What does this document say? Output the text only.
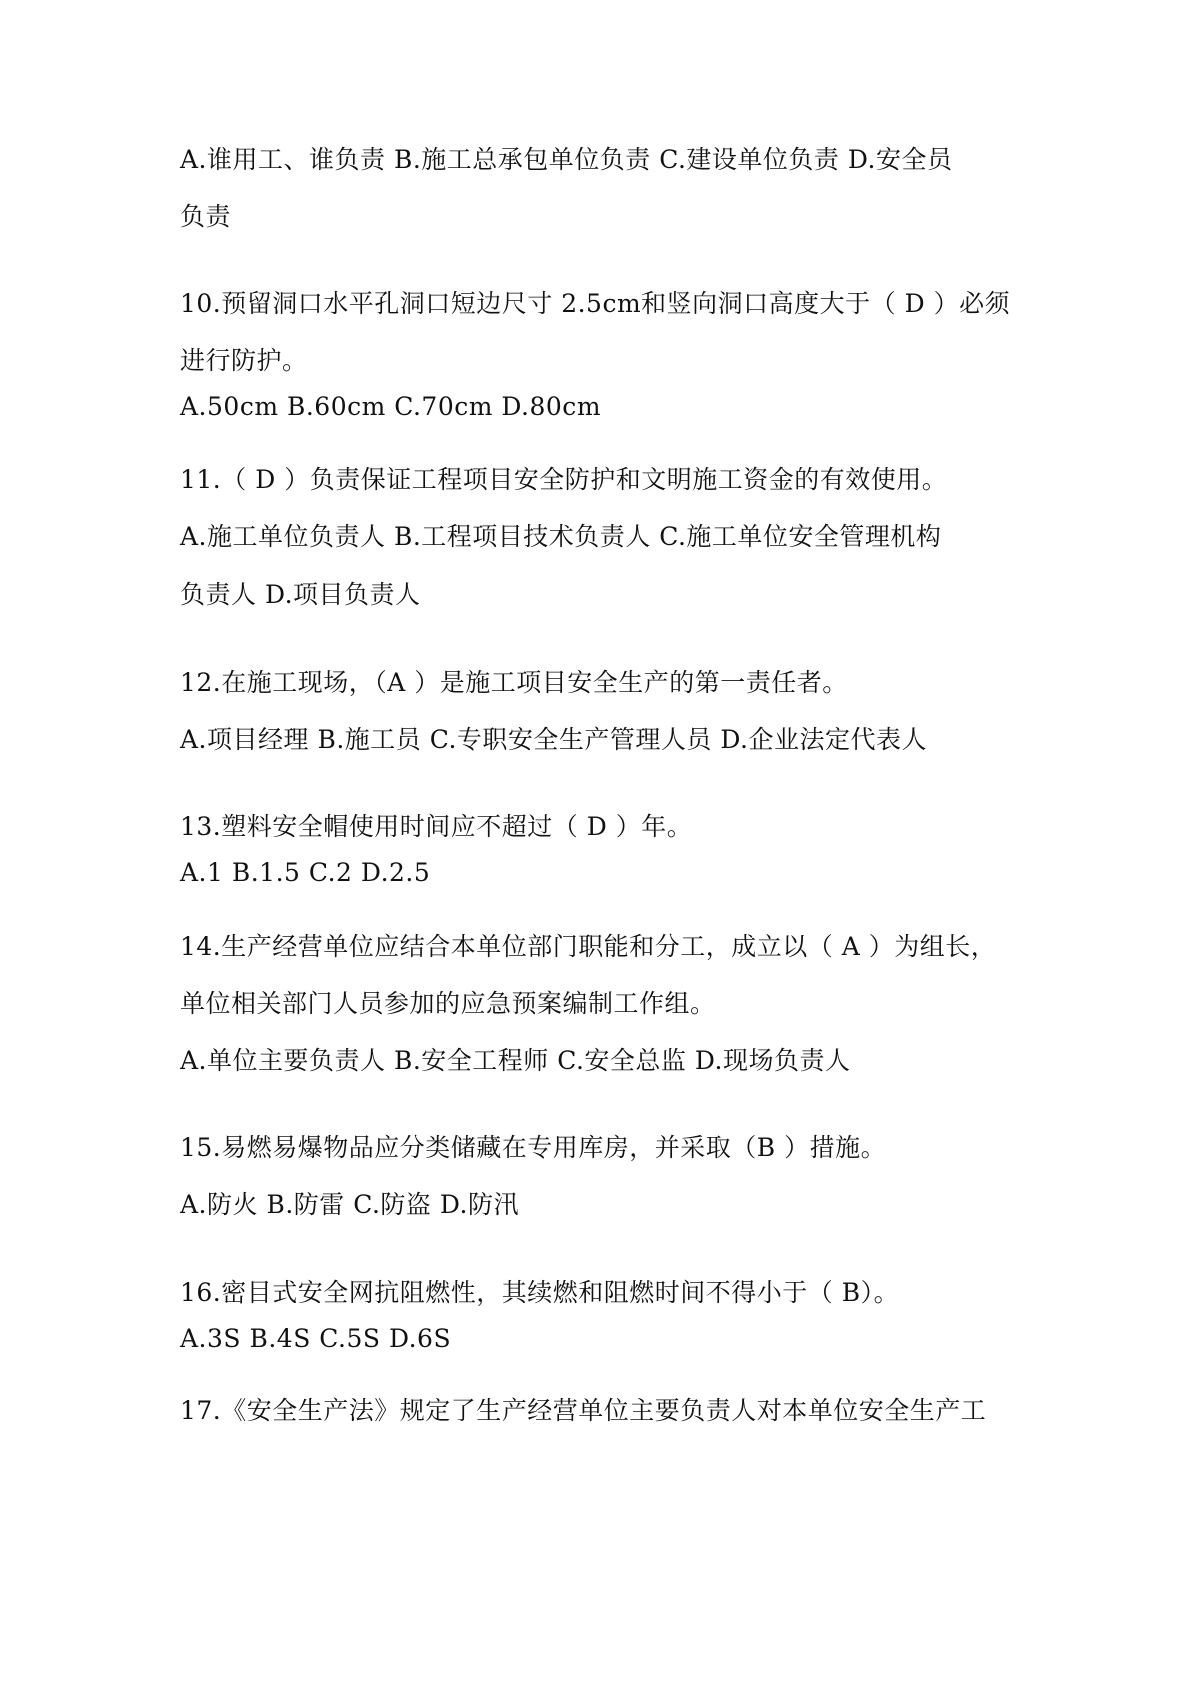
A.谁用工、谁负责 B.施工总承包单位负责 C.建设单位负责 D.安全员
负责
10.预留洞口水平孔洞口短边尺寸 2.5cm和竖向洞口高度大于（ D ）必须
进行防护。
A.50cm B.60cm C.70cm D.80cm
11.（ D ）负责保证工程项目安全防护和文明施工资金的有效使用。
A.施工单位负责人 B.工程项目技术负责人 C.施工单位安全管理机构
负责人 D.项目负责人
12.在施工现场，（A ）是施工项目安全生产的第一责任者。
A.项目经理 B.施工员 C.专职安全生产管理人员 D.企业法定代表人
13.塑料安全帽使用时间应不超过（ D ）年。
A.1 B.1.5 C.2 D.2.5
14.生产经营单位应结合本单位部门职能和分工，成立以（ A ）为组长，
单位相关部门人员参加的应急预案编制工作组。
A.单位主要负责人 B.安全工程师 C.安全总监 D.现场负责人
15.易燃易爆物品应分类储藏在专用库房，并采取（B ）措施。
A.防火 B.防雷 C.防盗 D.防汛
16.密目式安全网抗阻燃性，其续燃和阻燃时间不得小于（ B）。
A.3S B.4S C.5S D.6S
17.《安全生产法》规定了生产经营单位主要负责人对本单位安全生产工
